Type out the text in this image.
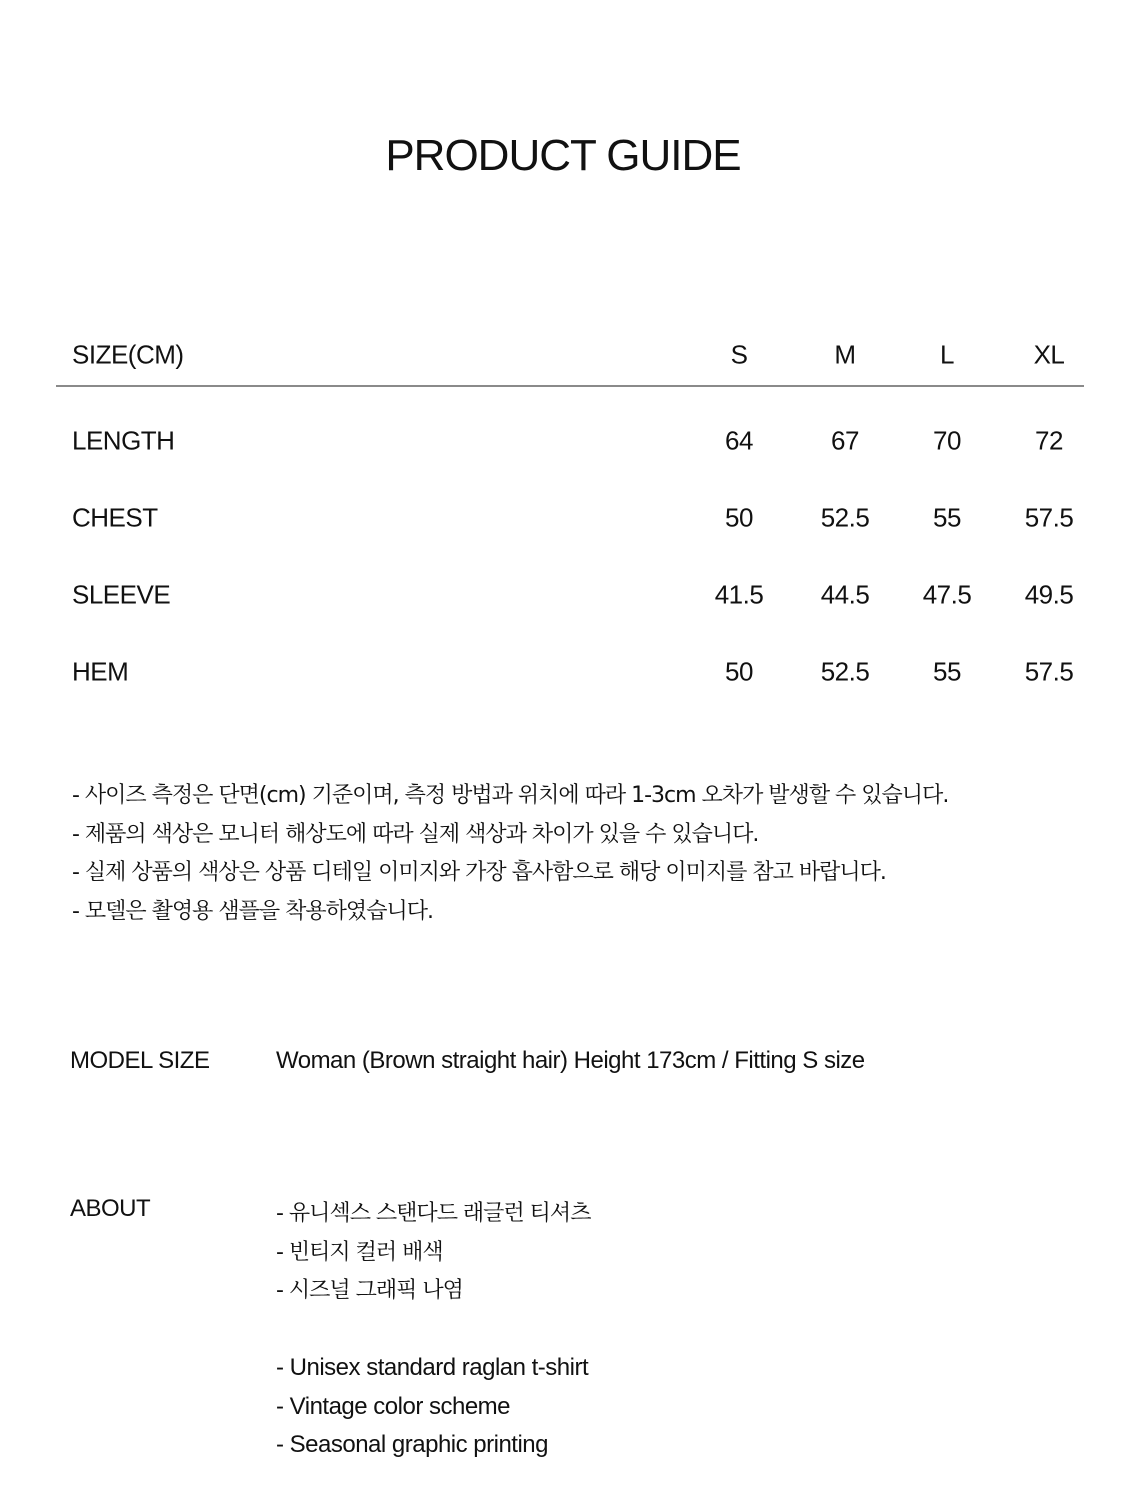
PRODUCT GUIDE
SIZE(CM)	S	M	L	XL
LENGTH	64	67	70	72
CHEST	50	52.5 55 57.5
SLEEVE	41.5 44.5 47.5 49.5
HEM	50	52.5 55 57.5
- 사이즈 측정은 단면(cm) 기준이며, 측정 방법과 위치에 따라 1-3cm 오차가 발생할 수 있습니다.
- 제품의 색상은 모니터 해상도에 따라 실제 색상과 차이가 있을 수 있습니다.
- 실제 상품의 색상은 상품 디테일 이미지와 가장 흡사함으로 해당 이미지를 참고 바랍니다.
- 모델은 촬영용 샘플을 착용하였습니다.
MODEL SIZE	Woman (Brown straight hair) Height 173cm / Fitting S size
ABOUT	- 유니섹스 스탠다드 래글런 티셔츠
- 빈티지 컬러 배색
- 시즈널 그래픽 나염
- Unisex standard raglan t-shirt
- Vintage color scheme
- Seasonal graphic printing
